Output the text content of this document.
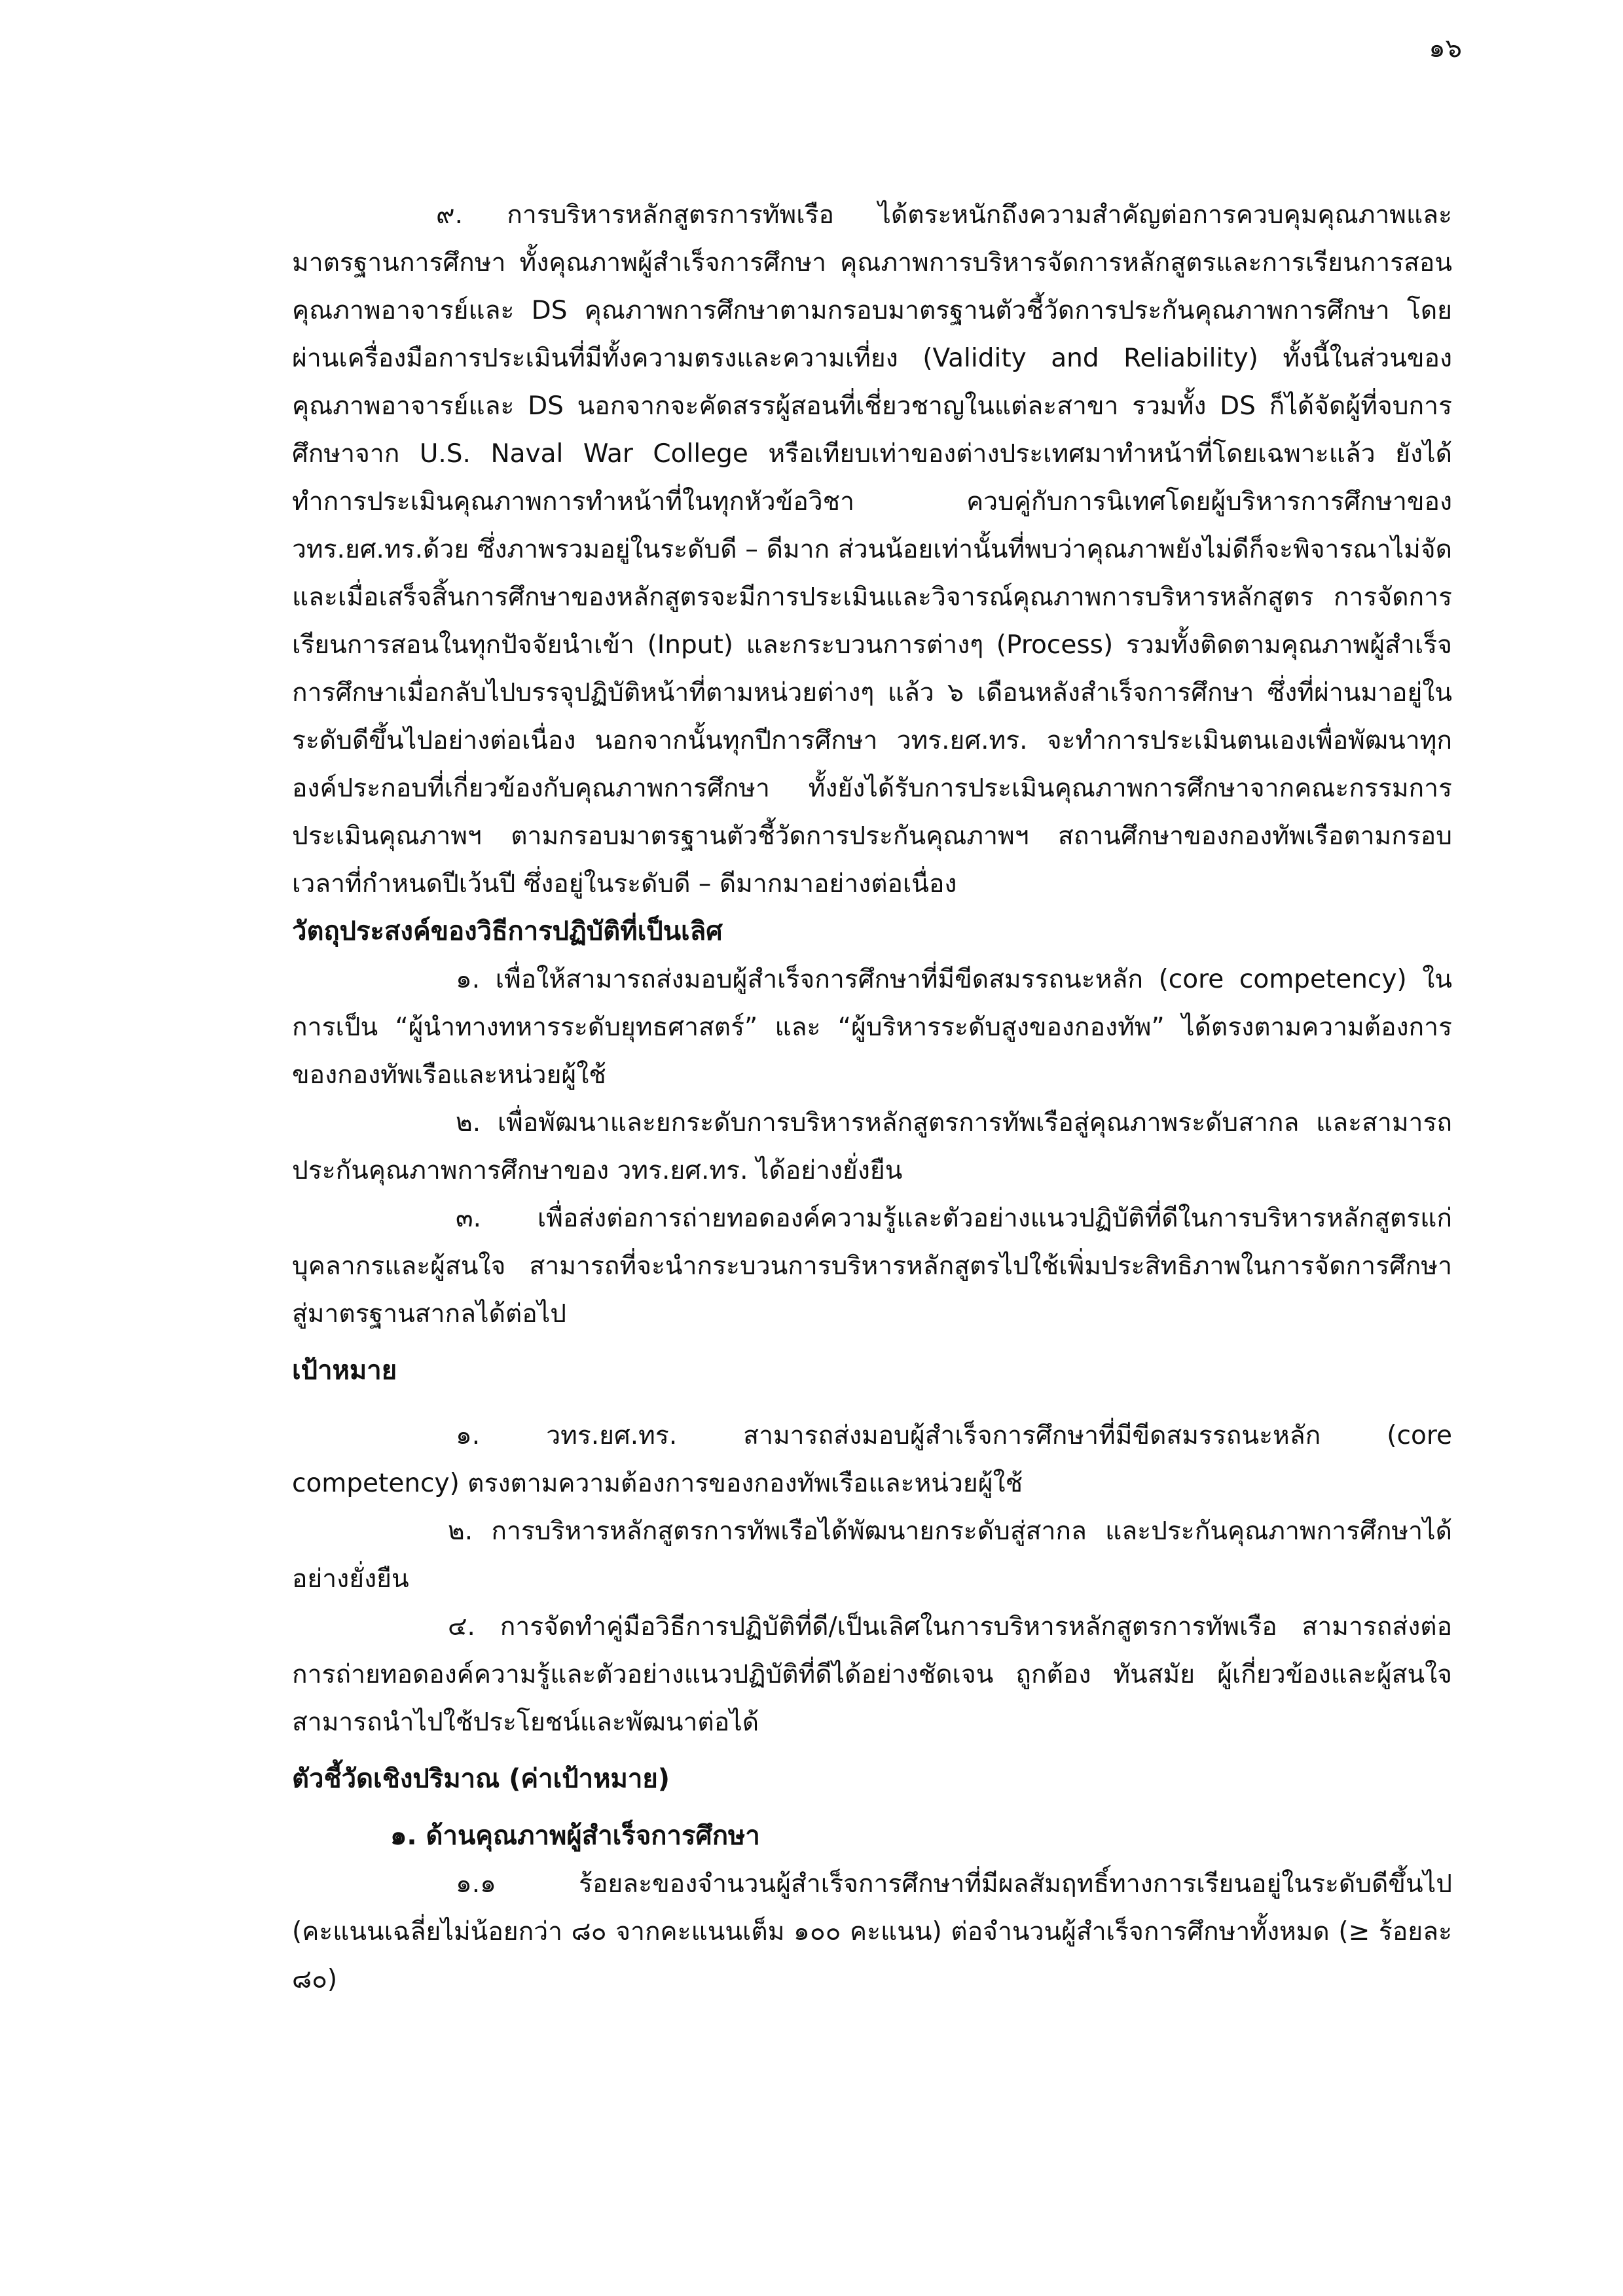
๑๖

๙. การบริหารหลักสูตรการทัพเรือ ได้ตระหนักถึงความสำคัญต่อการควบคุมคุณภาพและมาตรฐานการศึกษา ทั้งคุณภาพผู้สำเร็จการศึกษา คุณภาพการบริหารจัดการหลักสูตรและการเรียนการสอน คุณภาพอาจารย์และ DS คุณภาพการศึกษาตามกรอบมาตรฐานตัวชี้วัดการประกันคุณภาพการศึกษา โดยผ่านเครื่องมือการประเมินที่มีทั้งความตรงและความเที่ยง (Validity and Reliability) ทั้งนี้ในส่วนของคุณภาพอาจารย์และ DS นอกจากจะคัดสรรผู้สอนที่เชี่ยวชาญในแต่ละสาขา รวมทั้ง DS ก็ได้จัดผู้ที่จบการศึกษาจาก U.S. Naval War College หรือเทียบเท่าของต่างประเทศมาทำหน้าที่โดยเฉพาะแล้ว ยังได้ทำการประเมินคุณภาพการทำหน้าที่ในทุกหัวข้อวิชา ควบคู่กับการนิเทศโดยผู้บริหารการศึกษาของ วทร.ยศ.ทร.ด้วย ซึ่งภาพรวมอยู่ในระดับดี – ดีมาก ส่วนน้อยเท่านั้นที่พบว่าคุณภาพยังไม่ดีก็จะพิจารณาไม่จัด และเมื่อเสร็จสิ้นการศึกษาของหลักสูตรจะมีการประเมินและวิจารณ์คุณภาพการบริหารหลักสูตร การจัดการเรียนการสอนในทุกปัจจัยนำเข้า (Input) และกระบวนการต่างๆ (Process) รวมทั้งติดตามคุณภาพผู้สำเร็จการศึกษาเมื่อกลับไปบรรจุปฏิบัติหน้าที่ตามหน่วยต่างๆ แล้ว ๖ เดือนหลังสำเร็จการศึกษา ซึ่งที่ผ่านมาอยู่ในระดับดีขึ้นไปอย่างต่อเนื่อง นอกจากนั้นทุกปีการศึกษา วทร.ยศ.ทร. จะทำการประเมินตนเองเพื่อพัฒนาทุกองค์ประกอบที่เกี่ยวข้องกับคุณภาพการศึกษา ทั้งยังได้รับการประเมินคุณภาพการศึกษาจากคณะกรรมการประเมินคุณภาพฯ ตามกรอบมาตรฐานตัวชี้วัดการประกันคุณภาพฯ สถานศึกษาของกองทัพเรือตามกรอบเวลาที่กำหนดปีเว้นปี ซึ่งอยู่ในระดับดี – ดีมากมาอย่างต่อเนื่อง

วัตถุประสงค์ของวิธีการปฏิบัติที่เป็นเลิศ

๑. เพื่อให้สามารถส่งมอบผู้สำเร็จการศึกษาที่มีขีดสมรรถนะหลัก (core competency) ในการเป็น “ผู้นำทางทหารระดับยุทธศาสตร์” และ “ผู้บริหารระดับสูงของกองทัพ” ได้ตรงตามความต้องการของกองทัพเรือและหน่วยผู้ใช้

๒. เพื่อพัฒนาและยกระดับการบริหารหลักสูตรการทัพเรือสู่คุณภาพระดับสากล และสามารถประกันคุณภาพการศึกษาของ วทร.ยศ.ทร. ได้อย่างยั่งยืน

๓. เพื่อส่งต่อการถ่ายทอดองค์ความรู้และตัวอย่างแนวปฏิบัติที่ดีในการบริหารหลักสูตรแก่บุคลากรและผู้สนใจ สามารถที่จะนำกระบวนการบริหารหลักสูตรไปใช้เพิ่มประสิทธิภาพในการจัดการศึกษาสู่มาตรฐานสากลได้ต่อไป

เป้าหมาย

๑. วทร.ยศ.ทร. สามารถส่งมอบผู้สำเร็จการศึกษาที่มีขีดสมรรถนะหลัก (core competency) ตรงตามความต้องการของกองทัพเรือและหน่วยผู้ใช้

๒. การบริหารหลักสูตรการทัพเรือได้พัฒนายกระดับสู่สากล และประกันคุณภาพการศึกษาได้อย่างยั่งยืน

๔. การจัดทำคู่มือวิธีการปฏิบัติที่ดี/เป็นเลิศในการบริหารหลักสูตรการทัพเรือ สามารถส่งต่อการถ่ายทอดองค์ความรู้และตัวอย่างแนวปฏิบัติที่ดีได้อย่างชัดเจน ถูกต้อง ทันสมัย ผู้เกี่ยวข้องและผู้สนใจสามารถนำไปใช้ประโยชน์และพัฒนาต่อได้

ตัวชี้วัดเชิงปริมาณ (ค่าเป้าหมาย)
๑. ด้านคุณภาพผู้สำเร็จการศึกษา

๑.๑ ร้อยละของจำนวนผู้สำเร็จการศึกษาที่มีผลสัมฤทธิ์ทางการเรียนอยู่ในระดับดีขึ้นไป (คะแนนเฉลี่ยไม่น้อยกว่า ๘๐ จากคะแนนเต็ม ๑๐๐ คะแนน) ต่อจำนวนผู้สำเร็จการศึกษาทั้งหมด (≥ ร้อยละ ๘๐)
